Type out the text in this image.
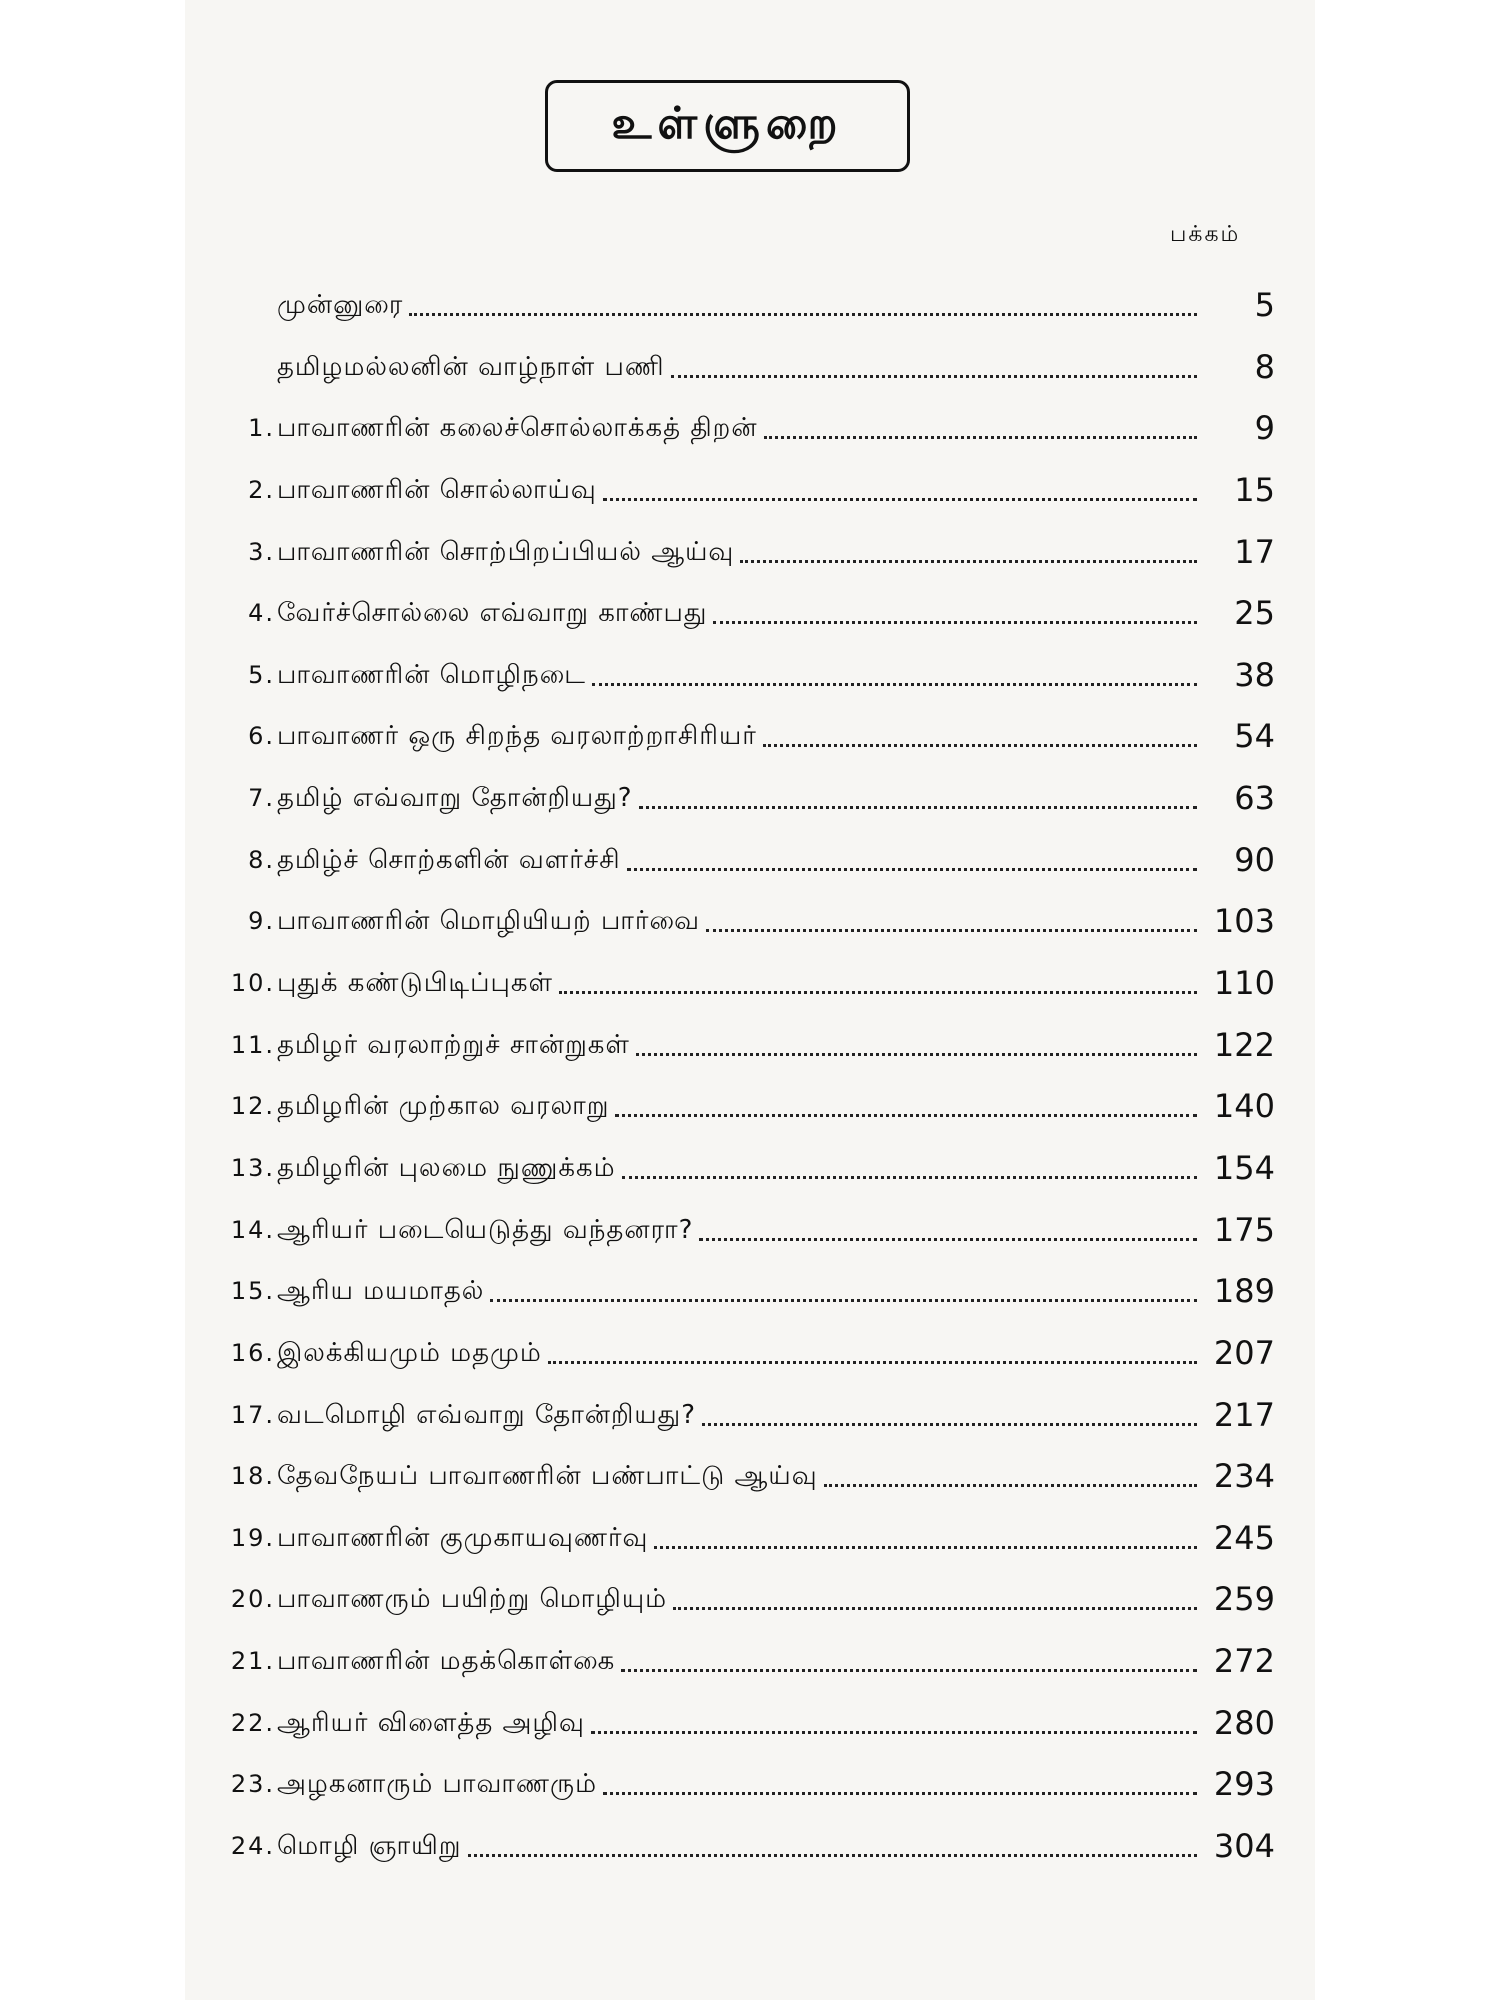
உள்ளுறை
பக்கம்
முன்னுரை	5
தமிழமல்லனின் வாழ்நாள் பணி	8
1. பாவாணரின் கலைச்சொல்லாக்கத் திறன்	9
2. பாவாணரின் சொல்லாய்வு	15
3. பாவாணரின் சொற்பிறப்பியல் ஆய்வு	17
4. வேர்ச்சொல்லை எவ்வாறு காண்பது	25
5. பாவாணரின் மொழிநடை	38
6. பாவாணர் ஒரு சிறந்த வரலாற்றாசிரியர்	54
7. தமிழ் எவ்வாறு தோன்றியது?	63
8. தமிழ்ச் சொற்களின் வளர்ச்சி	90
9. பாவாணரின் மொழியியற் பார்வை	103
10. புதுக் கண்டுபிடிப்புகள்	110
11. தமிழர் வரலாற்றுச் சான்றுகள்	122
12. தமிழரின் முற்கால வரலாறு	140
13. தமிழரின் புலமை நுணுக்கம்	154
14. ஆரியர் படையெடுத்து வந்தனரா?	175
15. ஆரிய மயமாதல்	189
16. இலக்கியமும் மதமும்	207
17. வடமொழி எவ்வாறு தோன்றியது?	217
18. தேவநேயப் பாவாணரின் பண்பாட்டு ஆய்வு	234
19. பாவாணரின் குமுகாயவுணர்வு	245
20. பாவாணரும் பயிற்று மொழியும்	259
21. பாவாணரின் மதக்கொள்கை	272
22. ஆரியர் விளைத்த அழிவு	280
23. அழகனாரும் பாவாணரும்	293
24. மொழி ஞாயிறு	304
